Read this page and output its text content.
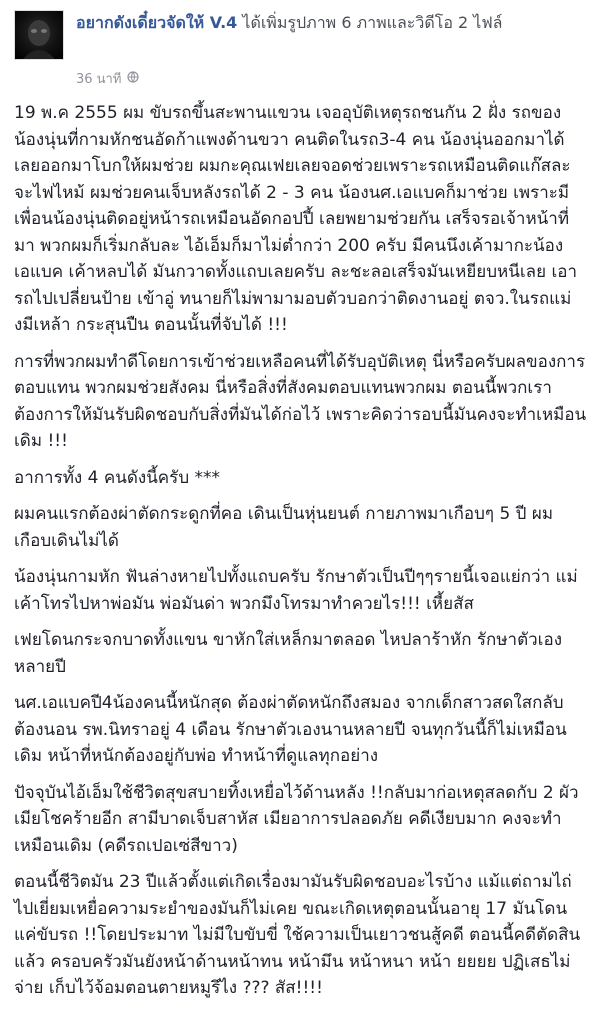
อยากดังเดี๋ยวจัดให้ V.4 ได้เพิ่มรูปภาพ 6 ภาพและวิดีโอ 2 ไฟล์
36 นาที

19 พ.ค 2555 ผม ขับรถขึ้นสะพานแขวน เจออุบัติเหตุรถชนกัน 2 ฝั่ง รถของน้องนุ่นที่กามหักชนอัดก้าแพงด้านขวา คนติดในรถ3-4 คน น้องนุ่นออกมาได้เลยออกมาโบกให้ผมช่วย ผมกะคุณเฟยเลยจอดช่วยเพราะรถเหมือนติดแก๊สละจะไฟไหม้ ผมช่วยคนเจ็บหลังรถได้ 2 - 3 คน น้องนศ.เอแบคก็มาช่วย เพราะมีเพื่อนน้องนุ่นติดอยู่หน้ารถเหมือนอัดกอปปี้ เลยพยามช่วยกัน เสร็จรอเจ้าหน้าที่มา พวกผมก็เริ่มกลับละ ไอ้เอ็มก็มาไม่ต่ำกว่า 200 ครับ มีคนนึงเค้ามากะน้องเอแบค เค้าหลบได้ มันกวาดทั้งแถบเลยครับ ละชะลอเสร็จมันเหยียบหนีเลย เอารถไปเปลี่ยนป้าย เข้าอู่ ทนายก็ไม่พามามอบตัวบอกว่าติดงานอยู่ ตจว.ในรถแม่งมีเหล้า กระสุนปืน ตอนนั้นที่จับได้ !!!

การที่พวกผมทำดีโดยการเข้าช่วยเหลือคนที่ได้รับอุบัติเหตุ นี่หรือครับผลของการตอบแทน พวกผมช่วยสังคม นี่หรือสิ่งที่สังคมตอบแทนพวกผม ตอนนี้พวกเราต้องการให้มันรับผิดชอบกับสิ่งที่มันได้ก่อไว้ เพราะคิดว่ารอบนี้มันคงจะทำเหมือนเดิม !!!

อาการทั้ง 4 คนดังนี้ครับ ***

ผมคนแรกต้องผ่าตัดกระดูกที่คอ เดินเป็นหุ่นยนต์ กายภาพมาเกือบๆ 5 ปี ผมเกือบเดินไม่ได้

น้องนุ่นกามหัก ฟันล่างหายไปทั้งแถบครับ รักษาตัวเป็นปีๆๆรายนี้เจอแย่กว่า แม่เค้าโทรไปหาพ่อมัน พ่อมันด่า พวกมึงโทรมาทำควยไร!!! เหี้ยสัส

เฟยโดนกระจกบาดทั้งแขน ขาหักใส่เหล็กมาตลอด ไหปลาร้าหัก รักษาตัวเองหลายปี

นศ.เอแบคปี4น้องคนนี้หนักสุด ต้องผ่าตัดหนักถึงสมอง จากเด็กสาวสดใสกลับต้องนอน รพ.นิทราอยู่ 4 เดือน รักษาตัวเองนานหลายปี จนทุกวันนี้ก็ไม่เหมือนเดิม หน้าที่หนักต้องอยู่กับพ่อ ทำหน้าที่ดูแลทุกอย่าง

ปัจจุบันไอ้เอ็มใช้ชีวิตสุขสบายทิ้งเหยื่อไว้ด้านหลัง !!กลับมาก่อเหตุสลดกับ 2 ผัวเมียโชคร้ายอีก สามีบาดเจ็บสาหัส เมียอาการปลอดภัย คดีเงียบมาก คงจะทำเหมือนเดิม (คดีรถเปอเซ่สีขาว)

ตอนนี้ชีวิตมัน 23 ปีแล้วตั้งแต่เกิดเรื่องมามันรับผิดชอบอะไรบ้าง แม้แต่ถามไถ่ไปเยี่ยมเหยื่อความระยำของมันก็ไม่เคย ขณะเกิดเหตุตอนนั้นอายุ 17 มันโดนแค่ขับรถ !!โดยประมาท ไม่มีใบขับขี่ ใช้ความเป็นเยาวชนสู้คดี ตอนนี้คดีตัดสินแล้ว ครอบครัวมันยังหน้าด้านหน้าทน หน้ามึน หน้าหนา หน้า ยยยย ปฏิเสธไม่จ่าย เก็บไว้จ้อมตอนตายหมูรึไง ??? สัส!!!!
